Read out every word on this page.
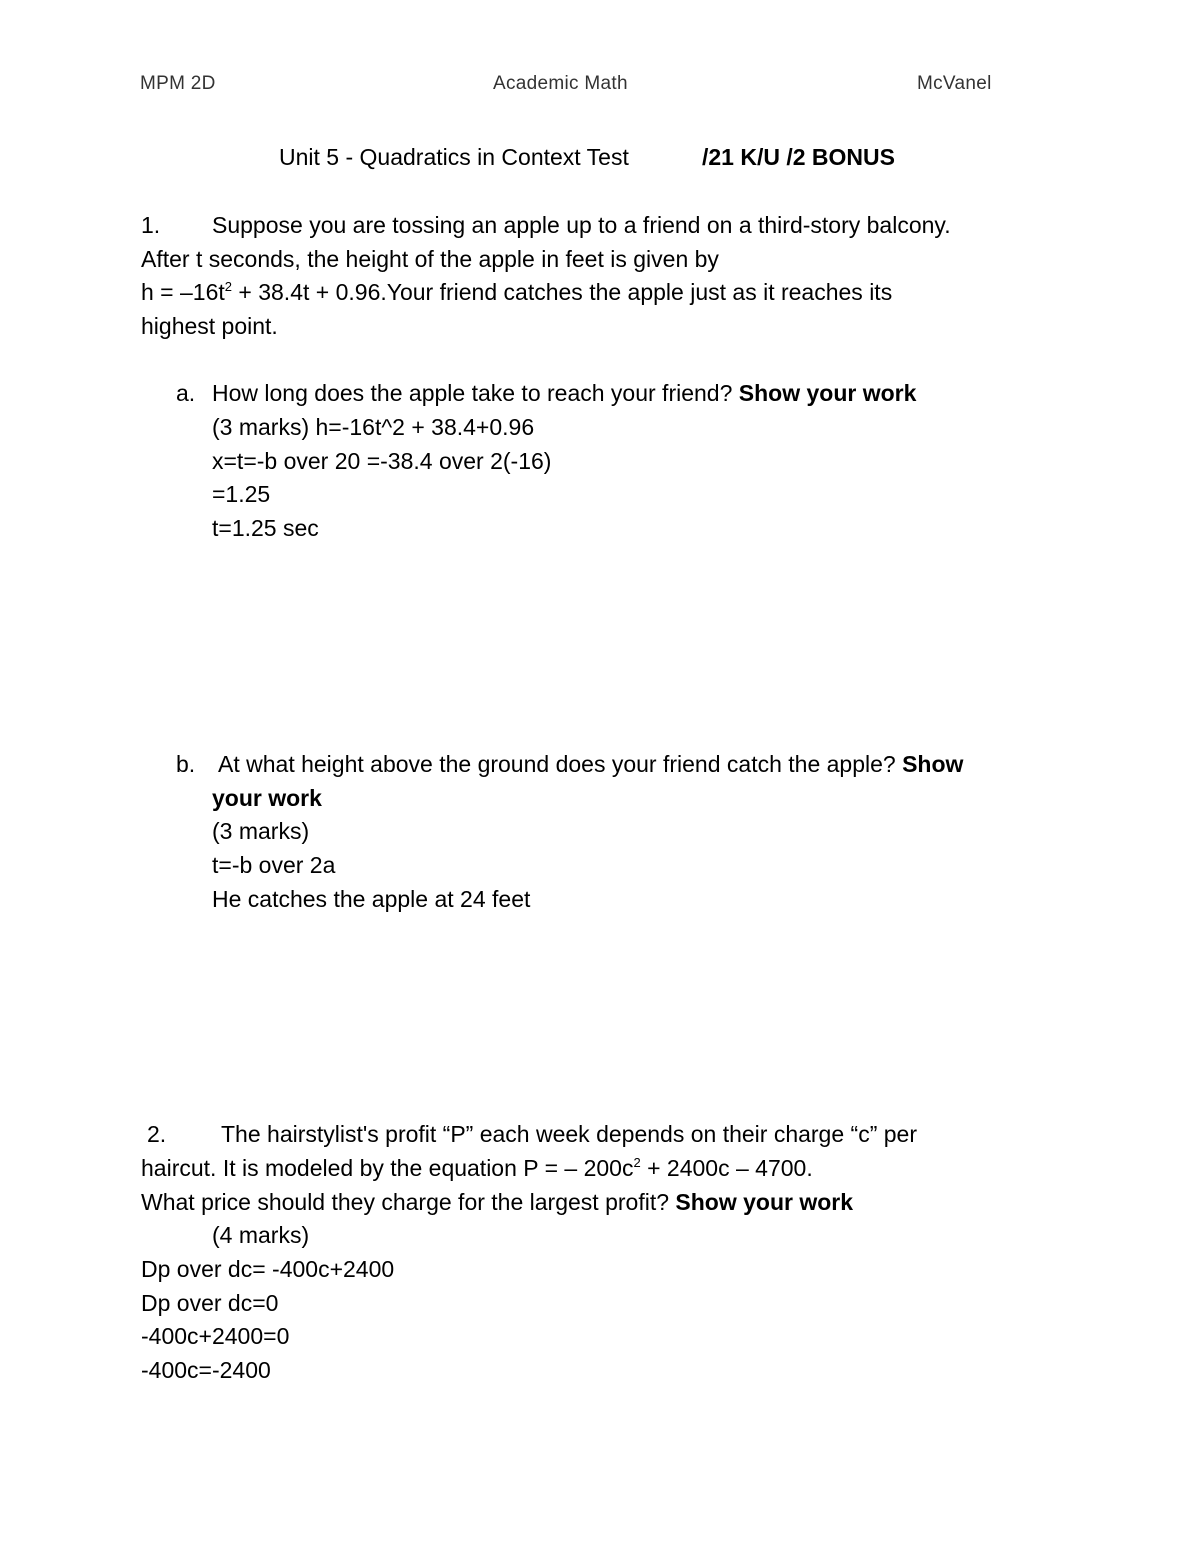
MPM 2D	Academic Math	McVanel
Unit 5 - Quadratics in Context Test	/21 K/U /2 BONUS
1. Suppose you are tossing an apple up to a friend on a third-story balcony.
After t seconds, the height of the apple in feet is given by
$h = -16t^2 + 38.4t$ + 0.96.Your friend catches the apple just as it reaches its
highest point.
a. How long does the apple take to reach your friend? Show your work
(3 marks) h=-16t^2 + 38.4+0.96
x=t=-b over 20 =-38.4 over 2(-16)
=1.25
t=1.25 sec
b. At what height above the ground does your friend catch the apple? Show
your work
(3 marks)
t=-b over 2a
He catches the apple at 24 feet
2. The hairstylist's profit “P” each week depends on their charge “c” per
haircut. It is modeled by the equation P = – $200c^2 + 2400c - 4700$.
What price should they charge for the largest profit? Show your work
(4 marks)
Dp over dc= -400c+2400
Dp over dc=0
-400c+2400=0
-400c=-2400
